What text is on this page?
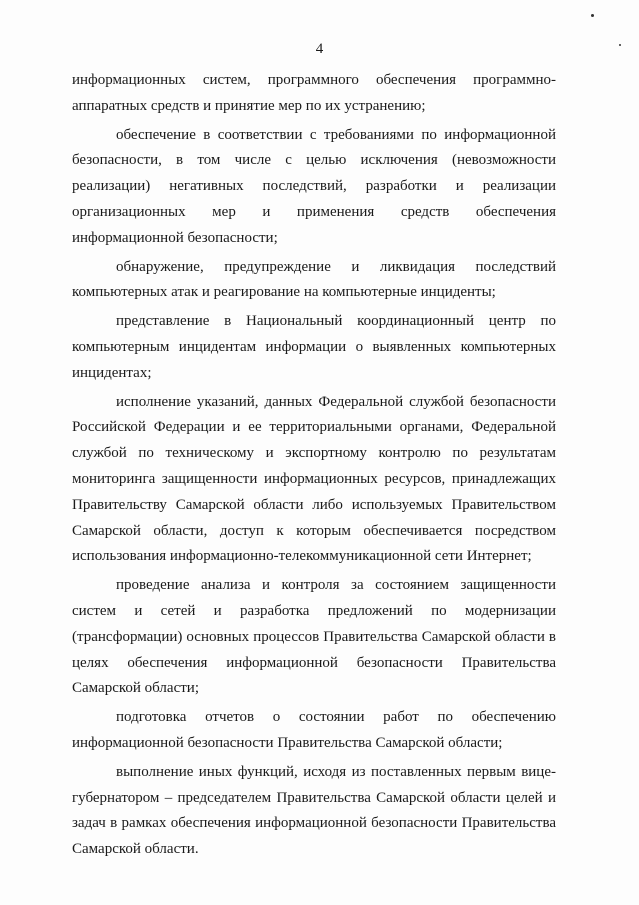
4

информационных систем, программного обеспечения программно-аппаратных средств и принятие мер по их устранению;

обеспечение в соответствии с требованиями по информационной безопасности, в том числе с целью исключения (невозможности реализации) негативных последствий, разработки и реализации организационных мер и применения средств обеспечения информационной безопасности;

обнаружение, предупреждение и ликвидация последствий компьютерных атак и реагирование на компьютерные инциденты;

представление в Национальный координационный центр по компьютерным инцидентам информации о выявленных компьютерных инцидентах;

исполнение указаний, данных Федеральной службой безопасности Российской Федерации и ее территориальными органами, Федеральной службой по техническому и экспортному контролю по результатам мониторинга защищенности информационных ресурсов, принадлежащих Правительству Самарской области либо используемых Правительством Самарской области, доступ к которым обеспечивается посредством использования информационно-телекоммуникационной сети Интернет;

проведение анализа и контроля за состоянием защищенности систем и сетей и разработка предложений по модернизации (трансформации) основных процессов Правительства Самарской области в целях обеспечения информационной безопасности Правительства Самарской области;

подготовка отчетов о состоянии работ по обеспечению информационной безопасности Правительства Самарской области;

выполнение иных функций, исходя из поставленных первым вице-губернатором – председателем Правительства Самарской области целей и задач в рамках обеспечения информационной безопасности Правительства Самарской области.
